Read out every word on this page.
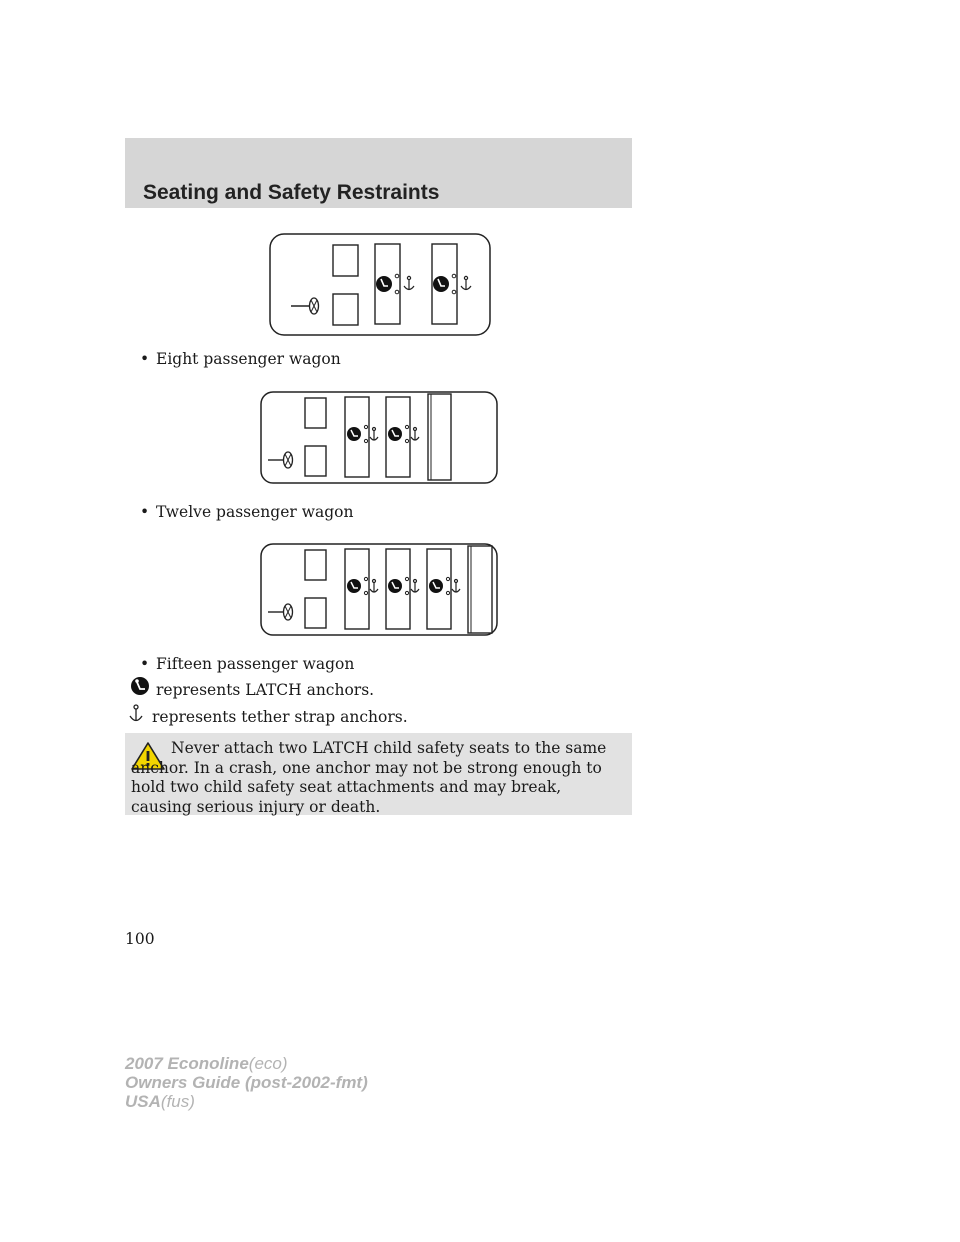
Seating and Safety Restraints
• Eight passenger wagon

• Twelve passenger wagon

• Fifteen passenger wagon

represents LATCH anchors.

represents tether strap anchors.

Never attach two LATCH child safety seats to the same anchor. In a crash, one anchor may not be strong enough to hold two child safety seat attachments and may break, causing serious injury or death.

100
2007 Econoline(eco)
Owners Guide (post-2002-fmt)
USA(fus)
